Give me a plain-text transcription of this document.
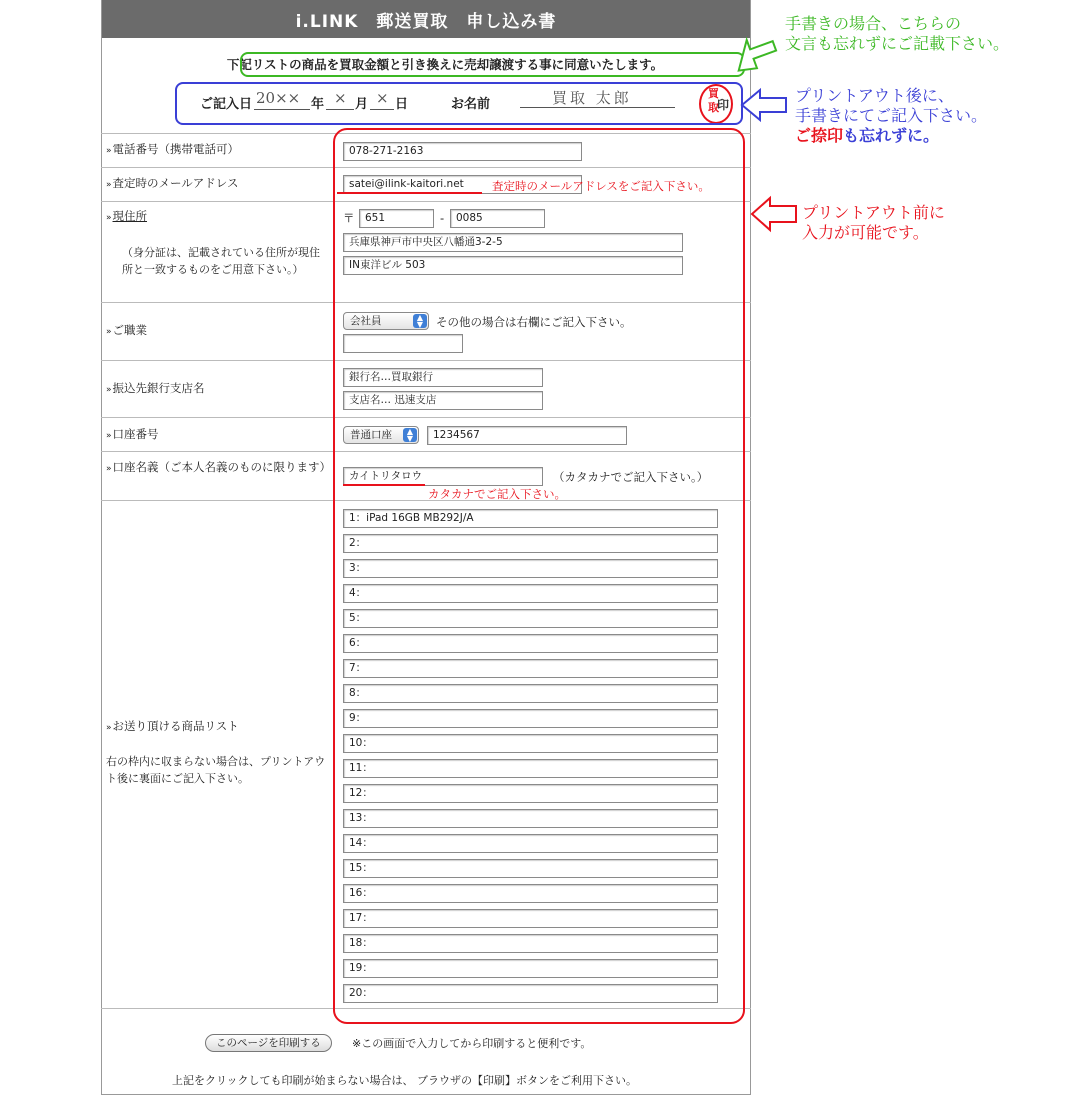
i.LINK　郵送買取　申し込み書
下記リストの商品を買取金額と引き換えに売却譲渡する事に同意いたします。
ご記入日 20×× 年 × 月 × 日	お名前	買取 太郎	買取
印
»電話番号（携帯電話可）	078-271-2163
»査定時のメールアドレス	satei@ilink-kaitori.net	査定時のメールアドレスをご記入下さい。
»現住所
（身分証は、記載されている住所が現住所と一致するものをご用意下さい。）
〒	651	-	0085
兵庫県神戸市中央区八幡通3-2-5
IN東洋ビル 503
»ご職業
会社員	▲
▼	その他の場合は右欄にご記入下さい。
»振込先銀行支店名
銀行名…買取銀行
支店名… 迅速支店
»口座番号	普通口座	▲
▼	1234567
»口座名義（ご本人名義のものに限ります）
カイトリタロウ	（カタカナでご記入下さい。）
カタカナでご記入下さい。
»お送り頂ける商品リスト
右の枠内に収まらない場合は、プリントアウト後に裏面にご記入下さい。
1：iPad 16GB MB292J/A
2：
3：
4：
5：
6：
7：
8：
9：
10：
11：
12：
13：
14：
15：
16：
17：
18：
19：
20：
このページを印刷する	※この画面で入力してから印刷すると便利です。
上記をクリックしても印刷が始まらない場合は、 ブラウザの【印刷】ボタンをご利用下さい。
手書きの場合、こちらの
文言も忘れずにご記載下さい。
プリントアウト後に、
手書きにてご記入下さい。
ご捺印も忘れずに。
プリントアウト前に
入力が可能です。
